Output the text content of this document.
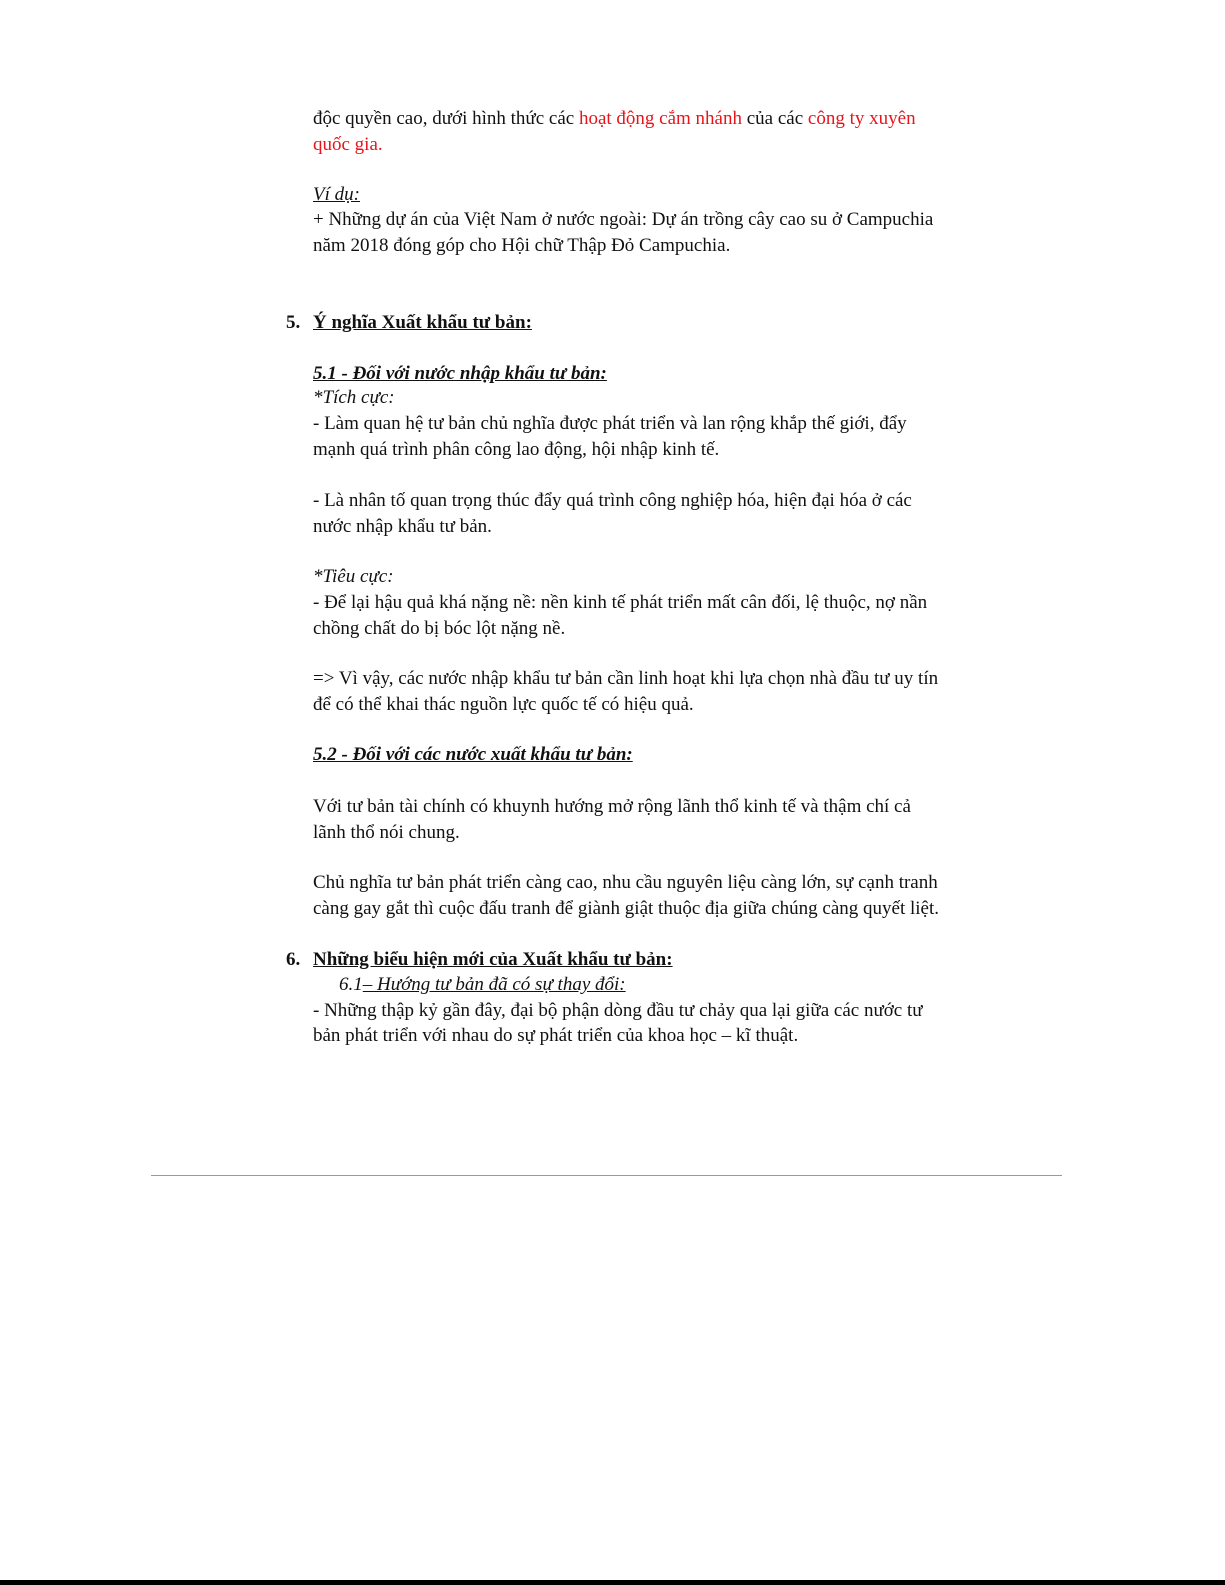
độc quyền cao, dưới hình thức các hoạt động cắm nhánh của các công ty xuyên
quốc gia.
Ví dụ:
+ Những dự án của Việt Nam ở nước ngoài: Dự án trồng cây cao su ở Campuchia
năm 2018 đóng góp cho Hội chữ Thập Đỏ Campuchia.
5. Ý nghĩa Xuất khẩu tư bản:
5.1 - Đối với nước nhập khẩu tư bản:
*Tích cực:
- Làm quan hệ tư bản chủ nghĩa được phát triển và lan rộng khắp thế giới, đẩy
mạnh quá trình phân công lao động, hội nhập kinh tế.
- Là nhân tố quan trọng thúc đẩy quá trình công nghiệp hóa, hiện đại hóa ở các
nước nhập khẩu tư bản.
*Tiêu cực:
- Để lại hậu quả khá nặng nề: nền kinh tế phát triển mất cân đối, lệ thuộc, nợ nần
chồng chất do bị bóc lột nặng nề.
=> Vì vậy, các nước nhập khẩu tư bản cần linh hoạt khi lựa chọn nhà đầu tư uy tín
để có thể khai thác nguồn lực quốc tế có hiệu quả.
5.2 - Đối với các nước xuất khẩu tư bản:
Với tư bản tài chính có khuynh hướng mở rộng lãnh thổ kinh tế và thậm chí cả
lãnh thổ nói chung.
Chủ nghĩa tư bản phát triển càng cao, nhu cầu nguyên liệu càng lớn, sự cạnh tranh
càng gay gắt thì cuộc đấu tranh để giành giật thuộc địa giữa chúng càng quyết liệt.
6. Những biểu hiện mới của Xuất khẩu tư bản:
6.1– Hướng tư bản đã có sự thay đổi:
- Những thập kỷ gần đây, đại bộ phận dòng đầu tư chảy qua lại giữa các nước tư
bản phát triển với nhau do sự phát triển của khoa học – kĩ thuật.
